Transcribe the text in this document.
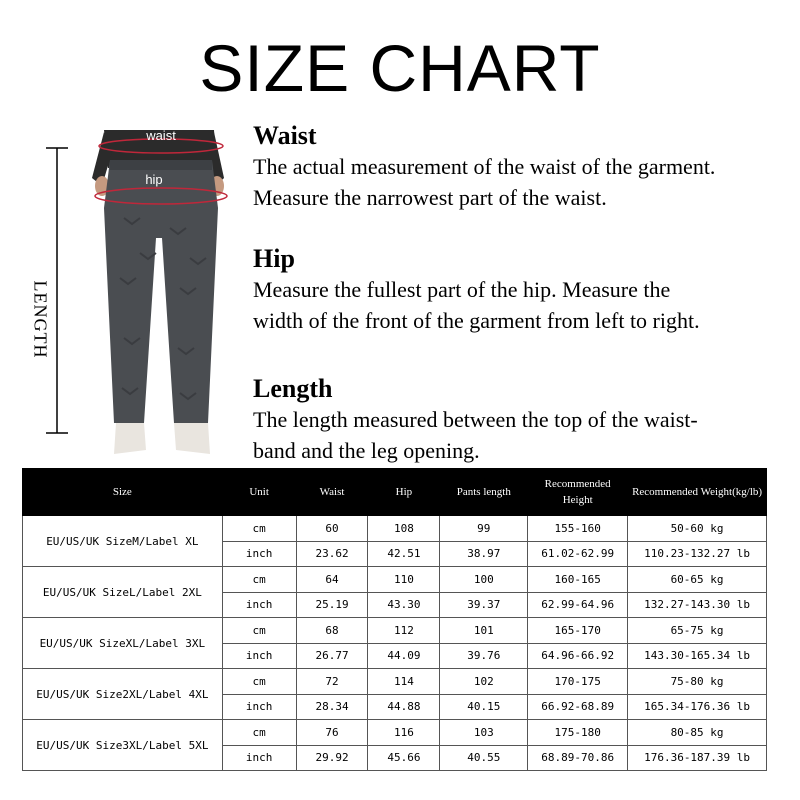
SIZE CHART
waist
hip
LENGTH
Waist
The actual measurement of the waist of the garment.
Measure the narrowest part of the waist.
Hip
Measure the fullest part of the hip. Measure the
width of the front of the garment from left to right.
Length
The length measured between the top of the waist-
band and the leg opening.
Size	Unit	Waist	Hip	Pants length	Recommended Height	Recommended Weight(kg/lb)
EU/US/UK SizeM/Label XL	cm	60	108	99	155-160	50-60 kg
	inch	23.62	42.51	38.97	61.02-62.99	110.23-132.27 lb
EU/US/UK SizeL/Label 2XL	cm	64	110	100	160-165	60-65 kg
	inch	25.19	43.30	39.37	62.99-64.96	132.27-143.30 lb
EU/US/UK SizeXL/Label 3XL	cm	68	112	101	165-170	65-75 kg
	inch	26.77	44.09	39.76	64.96-66.92	143.30-165.34 lb
EU/US/UK Size2XL/Label 4XL	cm	72	114	102	170-175	75-80 kg
	inch	28.34	44.88	40.15	66.92-68.89	165.34-176.36 lb
EU/US/UK Size3XL/Label 5XL	cm	76	116	103	175-180	80-85 kg
	inch	29.92	45.66	40.55	68.89-70.86	176.36-187.39 lb
